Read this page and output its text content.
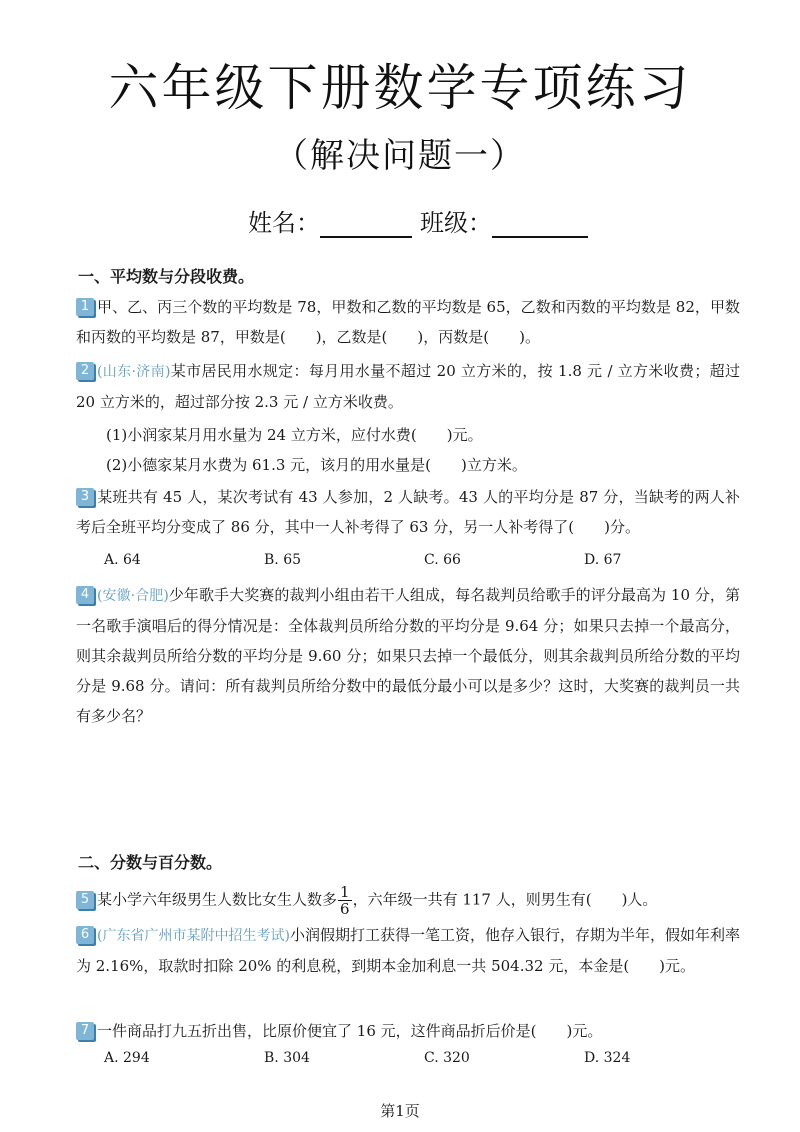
六年级下册数学专项练习
（解决问题一）
姓名：	班级：
一、平均数与分段收费。
1 甲、乙、丙三个数的平均数是 78，甲数和乙数的平均数是 65，乙数和丙数的平均数是 82，甲数和丙数的平均数是 87，甲数是(　　)，乙数是(　　)，丙数是(　　)。
2 (山东·济南)某市居民用水规定：每月用水量不超过 20 立方米的，按 1.8 元 / 立方米收费；超过 20 立方米的，超过部分按 2.3 元 / 立方米收费。
(1)小润家某月用水量为 24 立方米，应付水费(　　)元。
(2)小德家某月水费为 61.3 元，该月的用水量是(　　)立方米。
3 某班共有 45 人，某次考试有 43 人参加，2 人缺考。43 人的平均分是 87 分，当缺考的两人补考后全班平均分变成了 86 分，其中一人补考得了 63 分，另一人补考得了(　　)分。
A. 64	B. 65	C. 66	D. 67
4 (安徽·合肥)少年歌手大奖赛的裁判小组由若干人组成，每名裁判员给歌手的评分最高为 10 分，第一名歌手演唱后的得分情况是：全体裁判员所给分数的平均分是 9.64 分；如果只去掉一个最高分，则其余裁判员所给分数的平均分是 9.60 分；如果只去掉一个最低分，则其余裁判员所给分数的平均分是 9.68 分。请问：所有裁判员所给分数中的最低分最小可以是多少？这时，大奖赛的裁判员一共有多少名？
二、分数与百分数。
5 某小学六年级男生人数比女生人数多 $\frac{1}{6}$ ，六年级一共有 117 人，则男生有(　　)人。
6 (广东省广州市某附中招生考试)小润假期打工获得一笔工资，他存入银行，存期为半年，假如年利率为 2.16%，取款时扣除 20% 的利息税，到期本金加利息一共 504.32 元，本金是(　　)元。
7 一件商品打九五折出售，比原价便宜了 16 元，这件商品折后价是(　　)元。
A. 294	B. 304	C. 320	D. 324
第1页
